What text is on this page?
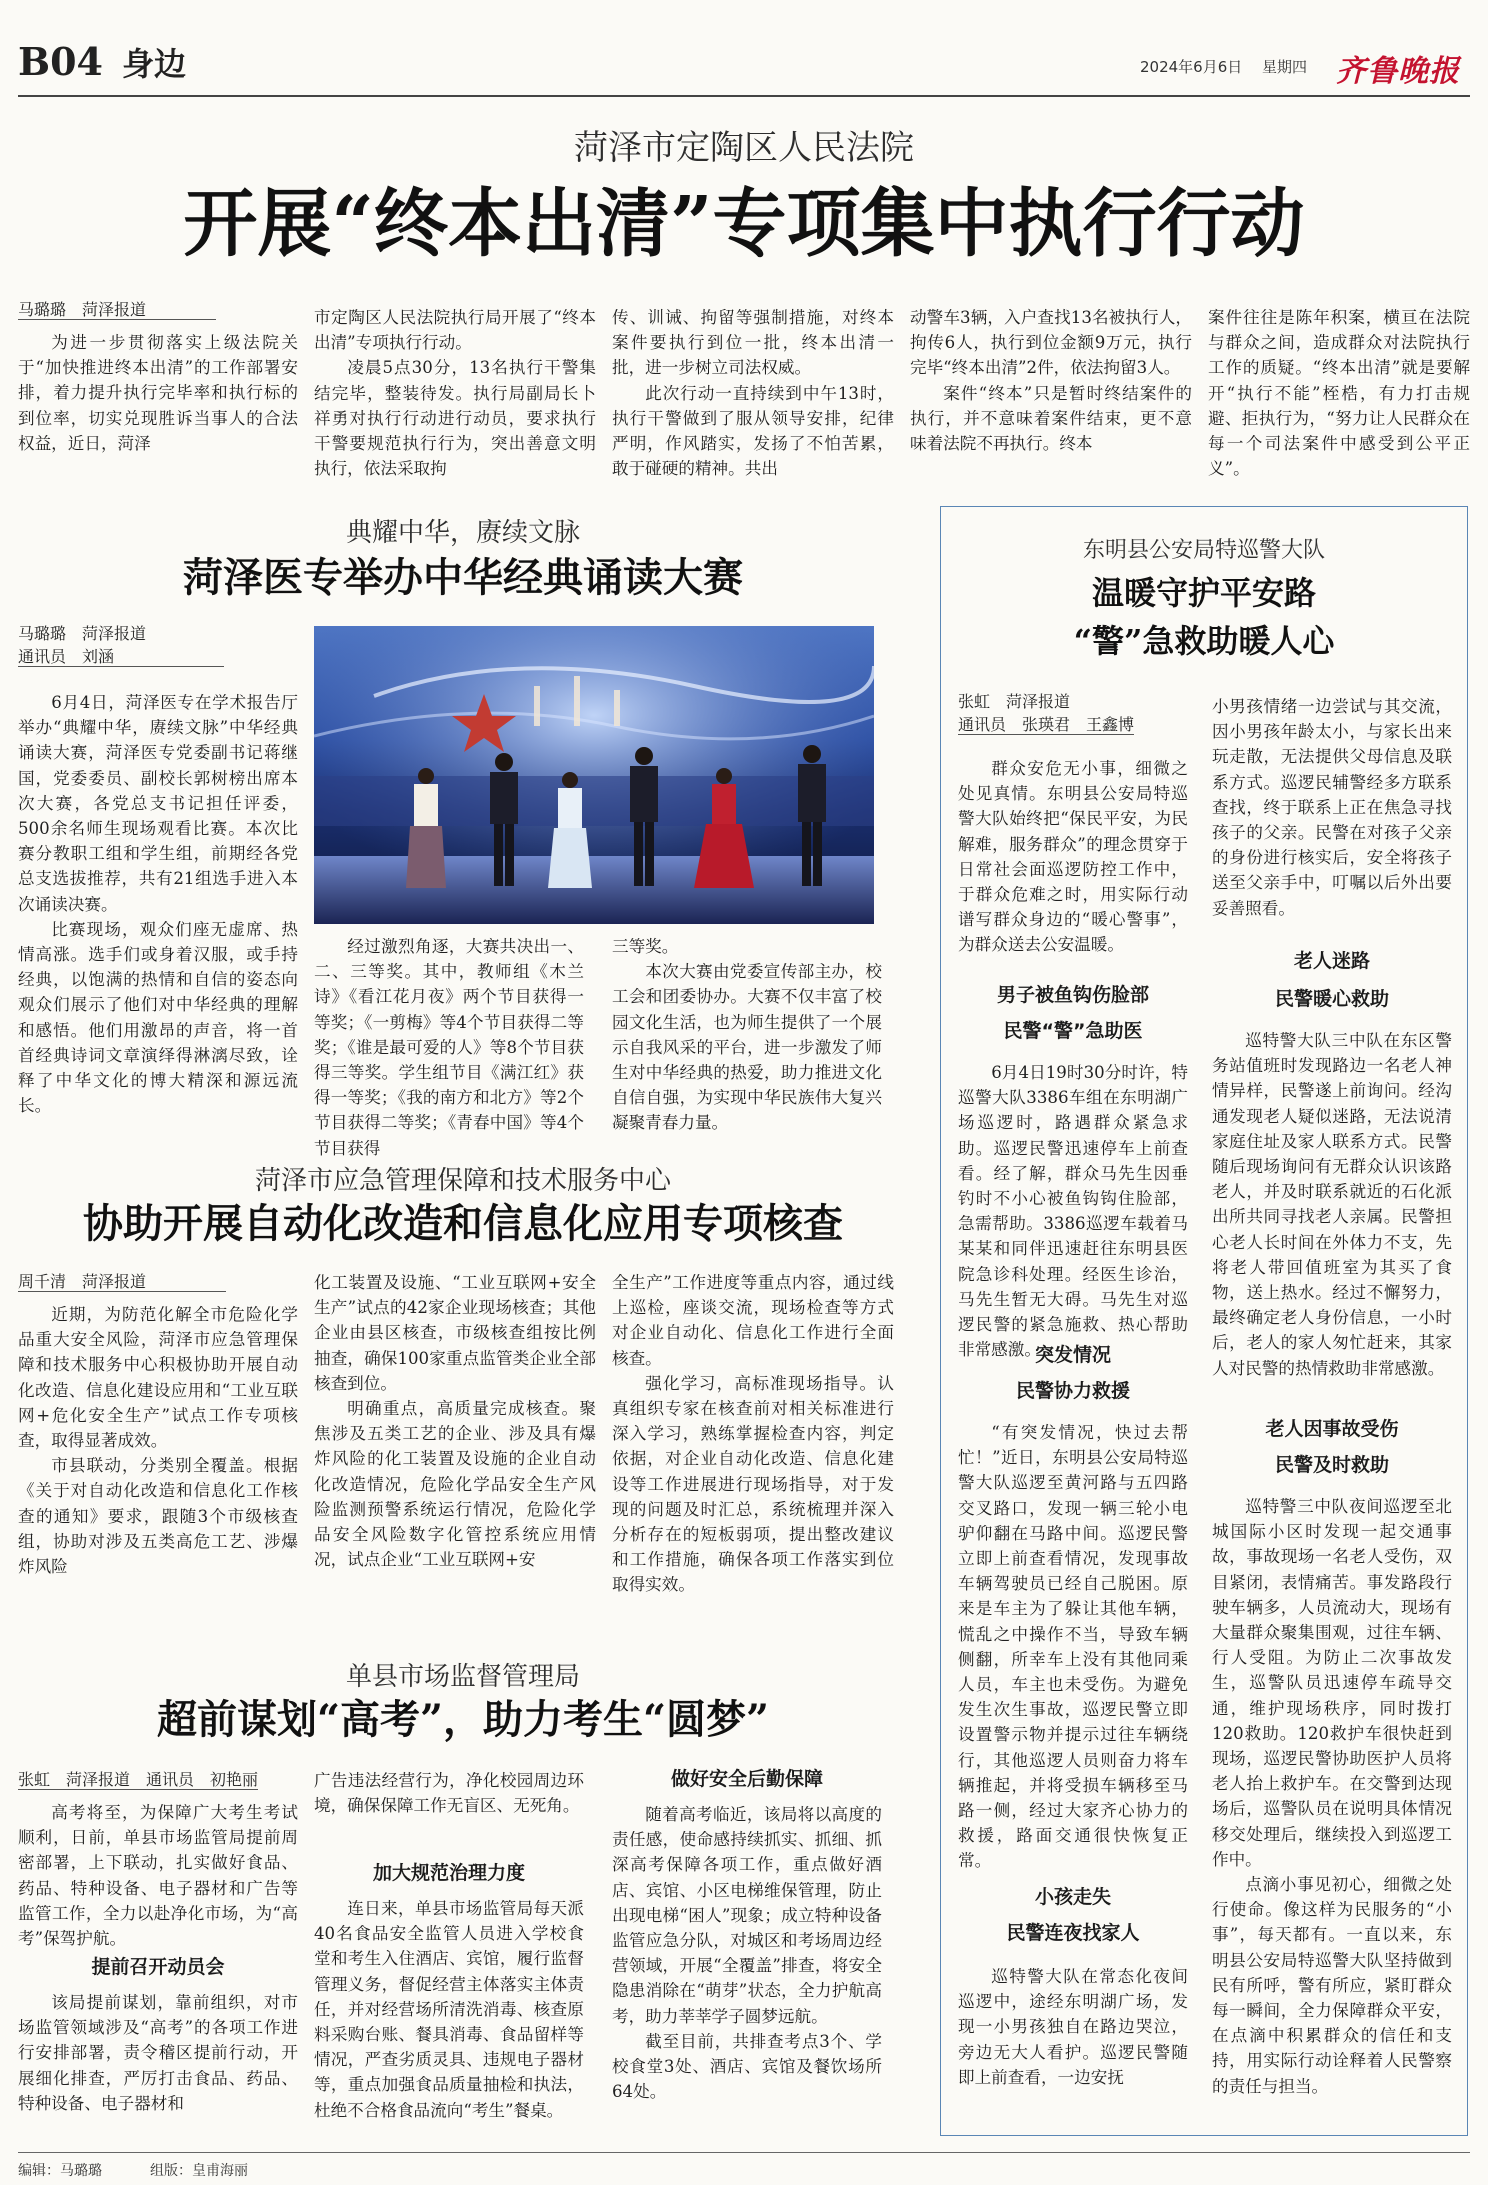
B04 身边	2024年6月6日 星期四 齐鲁晚报
菏泽市定陶区人民法院
开展“终本出清”专项集中执行行动
马璐璐　菏泽报道
为进一步贯彻落实上级法院关于“加快推进终本出清”的工作部署安排，着力提升执行完毕率和执行标的到位率，切实兑现胜诉当事人的合法权益，近日，菏泽
市定陶区人民法院执行局开展了“终本出清”专项执行行动。
凌晨5点30分，13名执行干警集结完毕，整装待发。执行局副局长卜祥勇对执行行动进行动员，要求执行干警要规范执行行为，突出善意文明执行，依法采取拘
传、训诫、拘留等强制措施，对终本案件要执行到位一批，终本出清一批，进一步树立司法权威。
此次行动一直持续到中午13时，执行干警做到了服从领导安排，纪律严明，作风踏实，发扬了不怕苦累，敢于碰硬的精神。共出
动警车3辆，入户查找13名被执行人，拘传6人，执行到位金额9万元，执行完毕“终本出清”2件，依法拘留3人。
案件“终本”只是暂时终结案件的执行，并不意味着案件结束，更不意味着法院不再执行。终本
案件往往是陈年积案，横亘在法院与群众之间，造成群众对法院执行工作的质疑。“终本出清”就是要解开“执行不能”桎梏，有力打击规避、拒执行为，“努力让人民群众在每一个司法案件中感受到公平正义”。
典耀中华，赓续文脉
菏泽医专举办中华经典诵读大赛
马璐璐　菏泽报道
通讯员　刘涵
6月4日，菏泽医专在学术报告厅举办“典耀中华，赓续文脉”中华经典诵读大赛，菏泽医专党委副书记蒋继国，党委委员、副校长郭树榜出席本次大赛，各党总支书记担任评委，500余名师生现场观看比赛。本次比赛分教职工组和学生组，前期经各党总支选拔推荐，共有21组选手进入本次诵读决赛。
比赛现场，观众们座无虚席、热情高涨。选手们或身着汉服，或手持经典，以饱满的热情和自信的姿态向观众们展示了他们对中华经典的理解和感悟。他们用激昂的声音，将一首首经典诗词文章演绎得淋漓尽致，诠释了中华文化的博大精深和源远流长。
经过激烈角逐，大赛共决出一、二、三等奖。其中，教师组《木兰诗》《看江花月夜》两个节目获得一等奖；《一剪梅》等4个节目获得二等奖；《谁是最可爱的人》等8个节目获得三等奖。学生组节目《满江红》获得一等奖；《我的南方和北方》等2个节目获得二等奖；《青春中国》等4个节目获得
三等奖。
本次大赛由党委宣传部主办，校工会和团委协办。大赛不仅丰富了校园文化生活，也为师生提供了一个展示自我风采的平台，进一步激发了师生对中华经典的热爱，助力推进文化自信自强，为实现中华民族伟大复兴凝聚青春力量。
菏泽市应急管理保障和技术服务中心
协助开展自动化改造和信息化应用专项核查
周千清　菏泽报道
近期，为防范化解全市危险化学品重大安全风险，菏泽市应急管理保障和技术服务中心积极协助开展自动化改造、信息化建设应用和“工业互联网+危化安全生产”试点工作专项核查，取得显著成效。
市县联动，分类别全覆盖。根据《关于对自动化改造和信息化工作核查的通知》要求，跟随3个市级核查组，协助对涉及五类高危工艺、涉爆炸风险
化工装置及设施、“工业互联网+安全生产”试点的42家企业现场核查；其他企业由县区核查，市级核查组按比例抽查，确保100家重点监管类企业全部核查到位。
明确重点，高质量完成核查。聚焦涉及五类工艺的企业、涉及具有爆炸风险的化工装置及设施的企业自动化改造情况，危险化学品安全生产风险监测预警系统运行情况，危险化学品安全风险数字化管控系统应用情况，试点企业“工业互联网+安
全生产”工作进度等重点内容，通过线上巡检，座谈交流，现场检查等方式对企业自动化、信息化工作进行全面核查。
强化学习，高标准现场指导。认真组织专家在核查前对相关标准进行深入学习，熟练掌握检查内容，判定依据，对企业自动化改造、信息化建设等工作进展进行现场指导，对于发现的问题及时汇总，系统梳理并深入分析存在的短板弱项，提出整改建议和工作措施，确保各项工作落实到位取得实效。
单县市场监督管理局
超前谋划“高考”，助力考生“圆梦”
张虹　菏泽报道　通讯员　初艳丽
高考将至，为保障广大考生考试顺利，日前，单县市场监管局提前周密部署，上下联动，扎实做好食品、药品、特种设备、电子器材和广告等监管工作，全力以赴净化市场，为“高考”保驾护航。
提前召开动员会
该局提前谋划，靠前组织，对市场监管领域涉及“高考”的各项工作进行安排部署，责令稽区提前行动，开展细化排查，严厉打击食品、药品、特种设备、电子器材和
广告违法经营行为，净化校园周边环境，确保保障工作无盲区、无死角。
加大规范治理力度
连日来，单县市场监管局每天派40名食品安全监管人员进入学校食堂和考生入住酒店、宾馆，履行监督管理义务，督促经营主体落实主体责任，并对经营场所清洗消毒、核查原料采购台账、餐具消毒、食品留样等情况，严查劣质灵具、违规电子器材等，重点加强食品质量抽检和执法，杜绝不合格食品流向“考生”餐桌。
做好安全后勤保障
随着高考临近，该局将以高度的责任感，使命感持续抓实、抓细、抓深高考保障各项工作，重点做好酒店、宾馆、小区电梯维保管理，防止出现电梯“困人”现象；成立特种设备监管应急分队，对城区和考场周边经营领域，开展“全覆盖”排查，将安全隐患消除在“萌芽”状态，全力护航高考，助力莘莘学子圆梦远航。
截至目前，共排查考点3个、学校食堂3处、酒店、宾馆及餐饮场所64处。
东明县公安局特巡警大队
温暖守护平安路
“警”急救助暖人心
张虹　菏泽报道
通讯员　张瑛君　王鑫博
群众安危无小事，细微之处见真情。东明县公安局特巡警大队始终把“保民平安，为民解难，服务群众”的理念贯穿于日常社会面巡逻防控工作中，于群众危难之时，用实际行动谱写群众身边的“暖心警事”，为群众送去公安温暖。
男子被鱼钩伤脸部
民警“警”急助医
6月4日19时30分时许，特巡警大队3386车组在东明湖广场巡逻时，路遇群众紧急求助。巡逻民警迅速停车上前查看。经了解，群众马先生因垂钓时不小心被鱼钩钩住脸部，急需帮助。3386巡逻车载着马某某和同伴迅速赶往东明县医院急诊科处理。经医生诊治，马先生暂无大碍。马先生对巡逻民警的紧急施救、热心帮助非常感激。
突发情况
民警协力救援
“有突发情况，快过去帮忙！”近日，东明县公安局特巡警大队巡逻至黄河路与五四路交叉路口，发现一辆三轮小电驴仰翻在马路中间。巡逻民警立即上前查看情况，发现事故车辆驾驶员已经自己脱困。原来是车主为了躲让其他车辆，慌乱之中操作不当，导致车辆侧翻，所幸车上没有其他同乘人员，车主也未受伤。为避免发生次生事故，巡逻民警立即设置警示物并提示过往车辆绕行，其他巡逻人员则奋力将车辆推起，并将受损车辆移至马路一侧，经过大家齐心协力的救援，路面交通很快恢复正常。
小孩走失
民警连夜找家人
巡特警大队在常态化夜间巡逻中，途经东明湖广场，发现一小男孩独自在路边哭泣，旁边无大人看护。巡逻民警随即上前查看，一边安抚
小男孩情绪一边尝试与其交流，因小男孩年龄太小，与家长出来玩走散，无法提供父母信息及联系方式。巡逻民辅警经多方联系查找，终于联系上正在焦急寻找孩子的父亲。民警在对孩子父亲的身份进行核实后，安全将孩子送至父亲手中，叮嘱以后外出要妥善照看。
老人迷路
民警暖心救助
巡特警大队三中队在东区警务站值班时发现路边一名老人神情异样，民警遂上前询问。经沟通发现老人疑似迷路，无法说清家庭住址及家人联系方式。民警随后现场询问有无群众认识该路老人，并及时联系就近的石化派出所共同寻找老人亲属。民警担心老人长时间在外体力不支，先将老人带回值班室为其买了食物，送上热水。经过不懈努力，最终确定老人身份信息，一小时后，老人的家人匆忙赶来，其家人对民警的热情救助非常感激。
老人因事故受伤
民警及时救助
巡特警三中队夜间巡逻至北城国际小区时发现一起交通事故，事故现场一名老人受伤，双目紧闭，表情痛苦。事发路段行驶车辆多，人员流动大，现场有大量群众聚集围观，过往车辆、行人受阻。为防止二次事故发生，巡警队员迅速停车疏导交通，维护现场秩序，同时拨打120救助。120救护车很快赶到现场，巡逻民警协助医护人员将老人抬上救护车。在交警到达现场后，巡警队员在说明具体情况移交处理后，继续投入到巡逻工作中。
点滴小事见初心，细微之处行使命。像这样为民服务的“小事”，每天都有。一直以来，东明县公安局特巡警大队坚持做到民有所呼，警有所应，紧盯群众每一瞬间，全力保障群众平安，在点滴中积累群众的信任和支持，用实际行动诠释着人民警察的责任与担当。
编辑：马璐璐	组版：皇甫海丽
